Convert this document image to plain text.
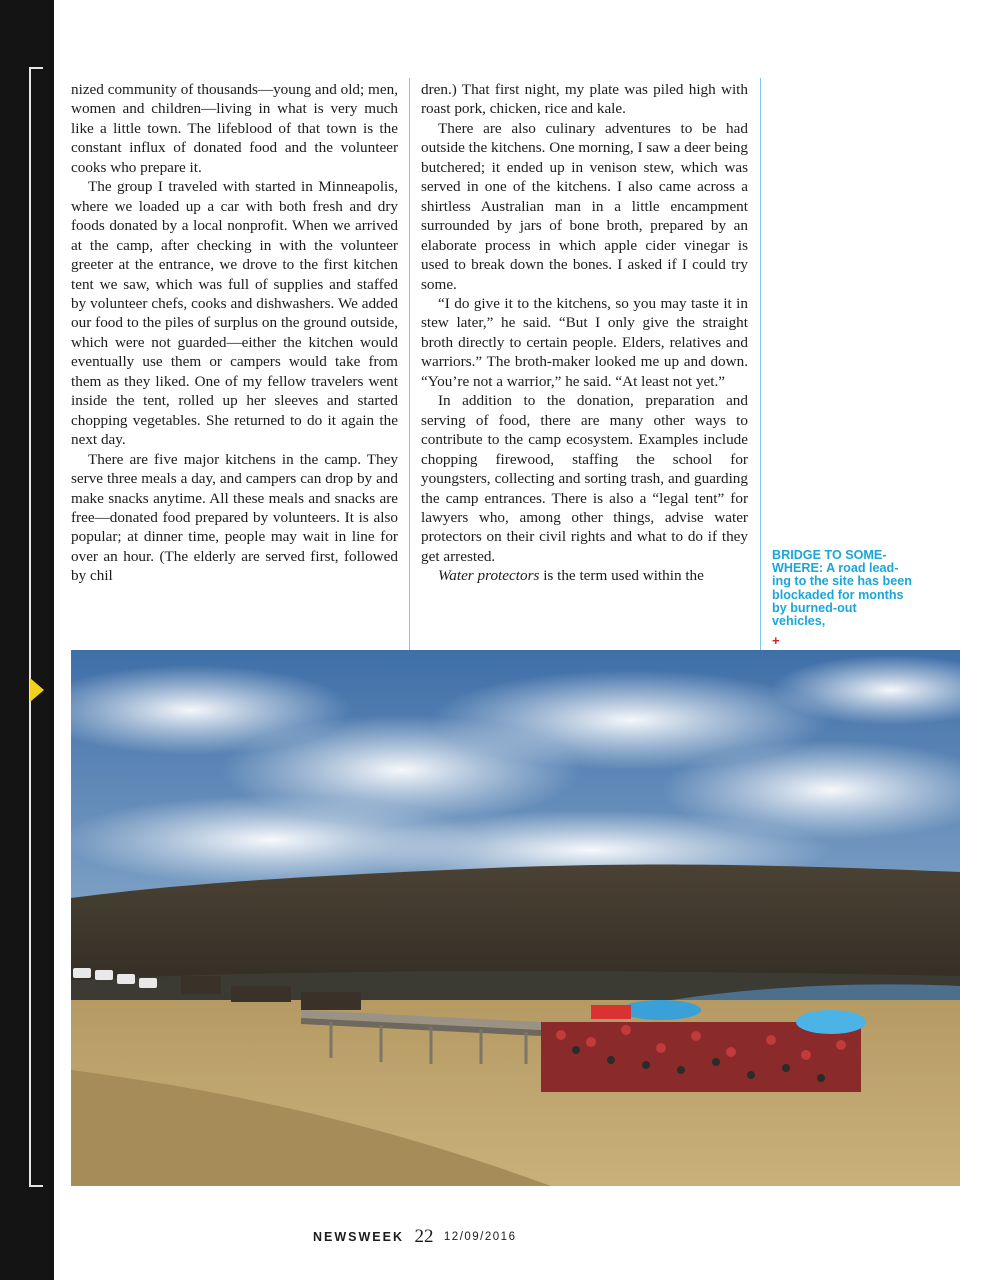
nized community of thousands—young and old; men, women and children—living in what is very much like a little town. The lifeblood of that town is the constant influx of donated food and the volunteer cooks who prepare it.

The group I traveled with started in Minneapolis, where we loaded up a car with both fresh and dry foods donated by a local nonprofit. When we arrived at the camp, after checking in with the volunteer greeter at the entrance, we drove to the first kitchen tent we saw, which was full of supplies and staffed by volunteer chefs, cooks and dishwashers. We added our food to the piles of surplus on the ground outside, which were not guarded—either the kitchen would eventually use them or campers would take from them as they liked. One of my fellow travelers went inside the tent, rolled up her sleeves and started chopping vegetables. She returned to do it again the next day.

There are five major kitchens in the camp. They serve three meals a day, and campers can drop by and make snacks anytime. All these meals and snacks are free—donated food prepared by volunteers. It is also popular; at dinner time, people may wait in line for over an hour. (The elderly are served first, followed by chil

dren.) That first night, my plate was piled high with roast pork, chicken, rice and kale.

There are also culinary adventures to be had outside the kitchens. One morning, I saw a deer being butchered; it ended up in venison stew, which was served in one of the kitchens. I also came across a shirtless Australian man in a little encampment surrounded by jars of bone broth, prepared by an elaborate process in which apple cider vinegar is used to break down the bones. I asked if I could try some.

“I do give it to the kitchens, so you may taste it in stew later,” he said. “But I only give the straight broth directly to certain people. Elders, relatives and warriors.” The broth-maker looked me up and down. “You’re not a warrior,” he said. “At least not yet.”

In addition to the donation, preparation and serving of food, there are many other ways to contribute to the camp ecosystem. Examples include chopping firewood, staffing the school for youngsters, collecting and sorting trash, and guarding the camp entrances. There is also a “legal tent” for lawyers who, among other things, advise water protectors on their civil rights and what to do if they get arrested.

Water protectors is the term used within the

BRIDGE TO SOMEWHERE: A road leading to the site has been blockaded for months by burned-out vehicles,
+
NEWSWEEK 22 12/09/2016
